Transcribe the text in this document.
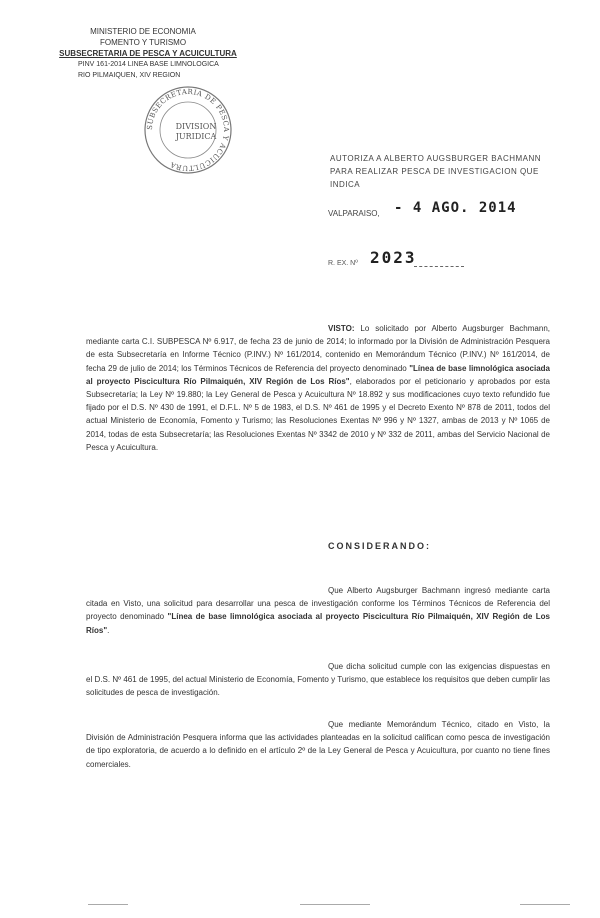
MINISTERIO DE ECONOMIA
FOMENTO Y TURISMO
SUBSECRETARIA DE PESCA Y ACUICULTURA
PINV 161-2014 LINEA BASE LIMNOLOGICA
RIO PILMAIQUEN, XIV REGION
SUBSECRETARIA DE PESCA Y ACUICULTURA
DIVISION
JURIDICA
AUTORIZA A ALBERTO AUGSBURGER BACHMANN PARA REALIZAR PESCA DE INVESTIGACION QUE INDICA
VALPARAISO, - 4 AGO. 2014
R. EX. Nº 2023
VISTO: Lo solicitado por Alberto Augsburger Bachmann, mediante carta C.I. SUBPESCA Nº 6.917, de fecha 23 de junio de 2014; lo informado por la División de Administración Pesquera de esta Subsecretaría en Informe Técnico (P.INV.) Nº 161/2014, contenido en Memorándum Técnico (P.INV.) Nº 161/2014, de fecha 29 de julio de 2014; los Términos Técnicos de Referencia del proyecto denominado "Línea de base limnológica asociada al proyecto Piscicultura Río Pilmaiquén, XIV Región de Los Ríos", elaborados por el peticionario y aprobados por esta Subsecretaría; la Ley Nº 19.880; la Ley General de Pesca y Acuicultura Nº 18.892 y sus modificaciones cuyo texto refundido fue fijado por el D.S. Nº 430 de 1991, el D.F.L. Nº 5 de 1983, el D.S. Nº 461 de 1995 y el Decreto Exento Nº 878 de 2011, todos del actual Ministerio de Economía, Fomento y Turismo; las Resoluciones Exentas Nº 996 y Nº 1327, ambas de 2013 y Nº 1065 de 2014, todas de esta Subsecretaría; las Resoluciones Exentas Nº 3342 de 2010 y Nº 332 de 2011, ambas del Servicio Nacional de Pesca y Acuicultura.
CONSIDERANDO:
Que Alberto Augsburger Bachmann ingresó mediante carta citada en Visto, una solicitud para desarrollar una pesca de investigación conforme los Términos Técnicos de Referencia del proyecto denominado "Línea de base limnológica asociada al proyecto Piscicultura Río Pilmaiquén, XIV Región de Los Ríos".
Que dicha solicitud cumple con las exigencias dispuestas en el D.S. Nº 461 de 1995, del actual Ministerio de Economía, Fomento y Turismo, que establece los requisitos que deben cumplir las solicitudes de pesca de investigación.
Que mediante Memorándum Técnico, citado en Visto, la División de Administración Pesquera informa que las actividades planteadas en la solicitud califican como pesca de investigación de tipo exploratoria, de acuerdo a lo definido en el artículo 2º de la Ley General de Pesca y Acuicultura, por cuanto no tiene fines comerciales.
